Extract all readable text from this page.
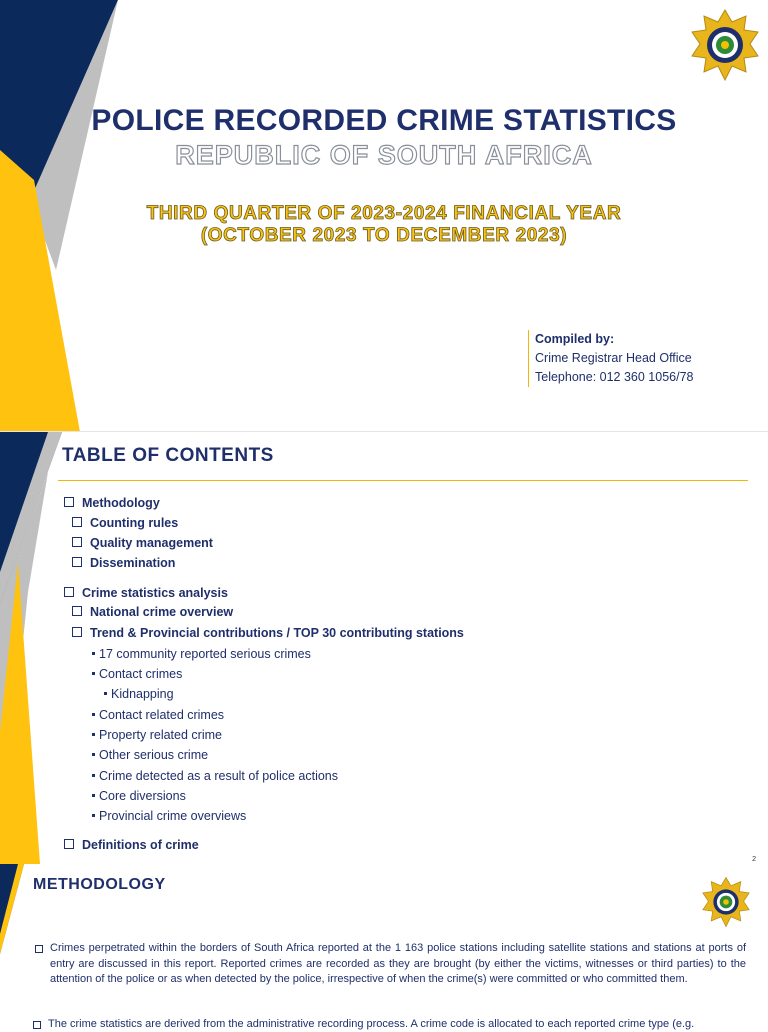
POLICE RECORDED CRIME STATISTICS
REPUBLIC OF SOUTH AFRICA
THIRD QUARTER OF 2023-2024 FINANCIAL YEAR
(OCTOBER 2023 TO DECEMBER 2023)
Compiled by:
Crime Registrar Head Office
Telephone: 012 360 1056/78
TABLE OF CONTENTS
Methodology
Counting rules
Quality management
Dissemination
Crime statistics analysis
National crime overview
Trend & Provincial contributions / TOP 30 contributing stations
17 community reported serious crimes
Contact crimes
Kidnapping
Contact related crimes
Property related crime
Other serious crime
Crime detected as a result of police actions
Core diversions
Provincial crime overviews
Definitions of crime
2
METHODOLOGY
Crimes perpetrated within the borders of South Africa reported at the 1 163 police stations including satellite stations and stations at ports of entry are discussed in this report. Reported crimes are recorded as they are brought (by either the victims, witnesses or third parties) to the attention of the police or as when detected by the police, irrespective of when the crime(s) were committed or who committed them.
The crime statistics are derived from the administrative recording process. A crime code is allocated to each reported crime type (e.g.
